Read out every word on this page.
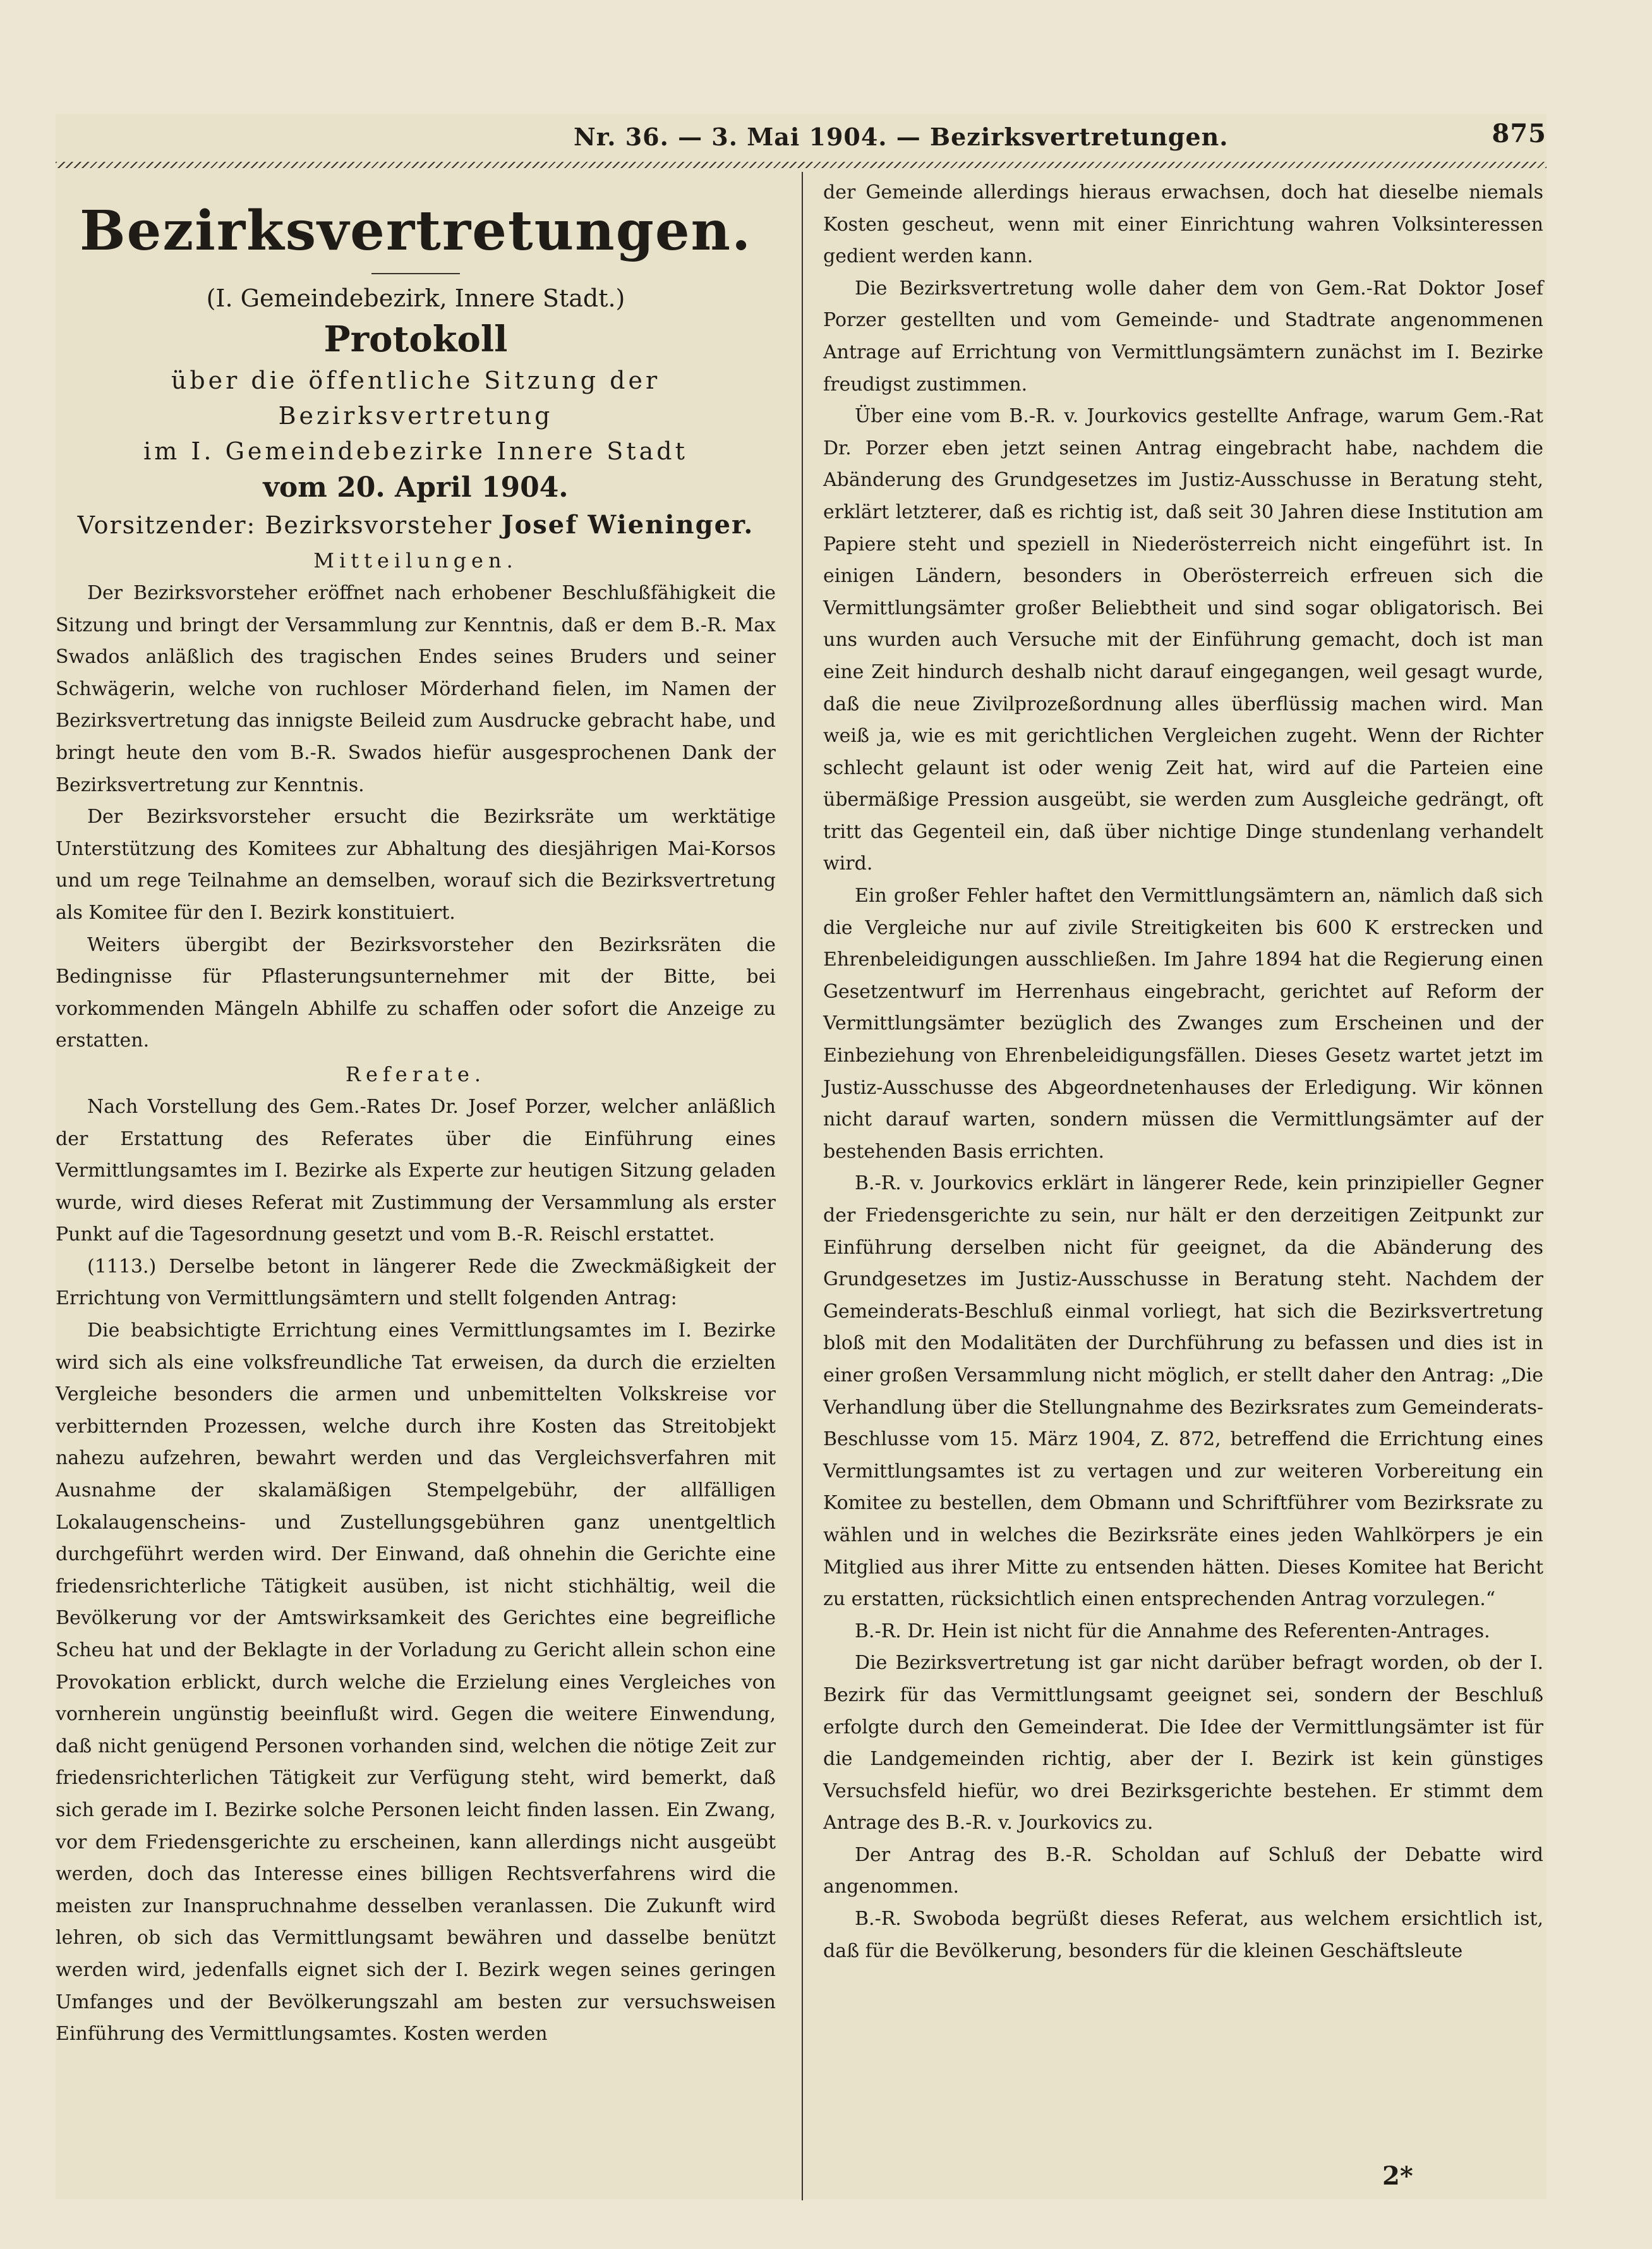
Nr. 36. — 3. Mai 1904. — Bezirksvertretungen.	875
Bezirksvertretungen.
(I. Gemeindebezirk, Innere Stadt.)
Protokoll
über die öffentliche Sitzung der Bezirksvertretung
im I. Gemeindebezirke Innere Stadt
vom 20. April 1904.
Vorsitzender: Bezirksvorsteher Josef Wieninger.
Mitteilungen.

Der Bezirksvorsteher eröffnet nach erhobener Beschlußfähigkeit die Sitzung und bringt der Versammlung zur Kenntnis, daß er dem B.-R. Max Swados anläßlich des tragischen Endes seines Bruders und seiner Schwägerin, welche von ruchloser Mörderhand fielen, im Namen der Bezirksvertretung das innigste Beileid zum Ausdrucke gebracht habe, und bringt heute den vom B.-R. Swados hiefür ausgesprochenen Dank der Bezirksvertretung zur Kenntnis.

Der Bezirksvorsteher ersucht die Bezirksräte um werktätige Unterstützung des Komitees zur Abhaltung des diesjährigen Mai-Korsos und um rege Teilnahme an demselben, worauf sich die Bezirksvertretung als Komitee für den I. Bezirk konstituiert.

Weiters übergibt der Bezirksvorsteher den Bezirksräten die Bedingnisse für Pflasterungsunternehmer mit der Bitte, bei vorkommenden Mängeln Abhilfe zu schaffen oder sofort die Anzeige zu erstatten.

Referate.

Nach Vorstellung des Gem.-Rates Dr. Josef Porzer, welcher anläßlich der Erstattung des Referates über die Einführung eines Vermittlungsamtes im I. Bezirke als Experte zur heutigen Sitzung geladen wurde, wird dieses Referat mit Zustimmung der Versammlung als erster Punkt auf die Tagesordnung gesetzt und vom B.-R. Reischl erstattet.

(1113.) Derselbe betont in längerer Rede die Zweckmäßigkeit der Errichtung von Vermittlungsämtern und stellt folgenden Antrag:

Die beabsichtigte Errichtung eines Vermittlungsamtes im I. Bezirke wird sich als eine volksfreundliche Tat erweisen, da durch die erzielten Vergleiche besonders die armen und unbemittelten Volkskreise vor verbitternden Prozessen, welche durch ihre Kosten das Streitobjekt nahezu aufzehren, bewahrt werden und das Vergleichsverfahren mit Ausnahme der skalamäßigen Stempelgebühr, der allfälligen Lokalaugenscheins- und Zustellungsgebühren ganz unentgeltlich durchgeführt werden wird. Der Einwand, daß ohnehin die Gerichte eine friedensrichterliche Tätigkeit ausüben, ist nicht stichhältig, weil die Bevölkerung vor der Amtswirksamkeit des Gerichtes eine begreifliche Scheu hat und der Beklagte in der Vorladung zu Gericht allein schon eine Provokation erblickt, durch welche die Erzielung eines Vergleiches von vornherein ungünstig beeinflußt wird. Gegen die weitere Einwendung, daß nicht genügend Personen vorhanden sind, welchen die nötige Zeit zur friedensrichterlichen Tätigkeit zur Verfügung steht, wird bemerkt, daß sich gerade im I. Bezirke solche Personen leicht finden lassen. Ein Zwang, vor dem Friedensgerichte zu erscheinen, kann allerdings nicht ausgeübt werden, doch das Interesse eines billigen Rechtsverfahrens wird die meisten zur Inanspruchnahme desselben veranlassen. Die Zukunft wird lehren, ob sich das Vermittlungsamt bewähren und dasselbe benützt werden wird, jedenfalls eignet sich der I. Bezirk wegen seines geringen Umfanges und der Bevölkerungszahl am besten zur versuchsweisen Einführung des Vermittlungsamtes. Kosten werden

der Gemeinde allerdings hieraus erwachsen, doch hat dieselbe niemals Kosten gescheut, wenn mit einer Einrichtung wahren Volksinteressen gedient werden kann.

Die Bezirksvertretung wolle daher dem von Gem.-Rat Doktor Josef Porzer gestellten und vom Gemeinde- und Stadtrate angenommenen Antrage auf Errichtung von Vermittlungsämtern zunächst im I. Bezirke freudigst zustimmen.

Über eine vom B.-R. v. Jourkovics gestellte Anfrage, warum Gem.-Rat Dr. Porzer eben jetzt seinen Antrag eingebracht habe, nachdem die Abänderung des Grundgesetzes im Justiz-Ausschusse in Beratung steht, erklärt letzterer, daß es richtig ist, daß seit 30 Jahren diese Institution am Papiere steht und speziell in Niederösterreich nicht eingeführt ist. In einigen Ländern, besonders in Oberösterreich erfreuen sich die Vermittlungsämter großer Beliebtheit und sind sogar obligatorisch. Bei uns wurden auch Versuche mit der Einführung gemacht, doch ist man eine Zeit hindurch deshalb nicht darauf eingegangen, weil gesagt wurde, daß die neue Zivilprozeßordnung alles überflüssig machen wird. Man weiß ja, wie es mit gerichtlichen Vergleichen zugeht. Wenn der Richter schlecht gelaunt ist oder wenig Zeit hat, wird auf die Parteien eine übermäßige Pression ausgeübt, sie werden zum Ausgleiche gedrängt, oft tritt das Gegenteil ein, daß über nichtige Dinge stundenlang verhandelt wird.

Ein großer Fehler haftet den Vermittlungsämtern an, nämlich daß sich die Vergleiche nur auf zivile Streitigkeiten bis 600 K erstrecken und Ehrenbeleidigungen ausschließen. Im Jahre 1894 hat die Regierung einen Gesetzentwurf im Herrenhaus eingebracht, gerichtet auf Reform der Vermittlungsämter bezüglich des Zwanges zum Erscheinen und der Einbeziehung von Ehrenbeleidigungsfällen. Dieses Gesetz wartet jetzt im Justiz-Ausschusse des Abgeordnetenhauses der Erledigung. Wir können nicht darauf warten, sondern müssen die Vermittlungsämter auf der bestehenden Basis errichten.

B.-R. v. Jourkovics erklärt in längerer Rede, kein prinzipieller Gegner der Friedensgerichte zu sein, nur hält er den derzeitigen Zeitpunkt zur Einführung derselben nicht für geeignet, da die Abänderung des Grundgesetzes im Justiz-Ausschusse in Beratung steht. Nachdem der Gemeinderats-Beschluß einmal vorliegt, hat sich die Bezirksvertretung bloß mit den Modalitäten der Durchführung zu befassen und dies ist in einer großen Versammlung nicht möglich, er stellt daher den Antrag: „Die Verhandlung über die Stellungnahme des Bezirksrates zum Gemeinderats-Beschlusse vom 15. März 1904, Z. 872, betreffend die Errichtung eines Vermittlungsamtes ist zu vertagen und zur weiteren Vorbereitung ein Komitee zu bestellen, dem Obmann und Schriftführer vom Bezirksrate zu wählen und in welches die Bezirksräte eines jeden Wahlkörpers je ein Mitglied aus ihrer Mitte zu entsenden hätten. Dieses Komitee hat Bericht zu erstatten, rücksichtlich einen entsprechenden Antrag vorzulegen.“

B.-R. Dr. Hein ist nicht für die Annahme des Referenten-Antrages.

Die Bezirksvertretung ist gar nicht darüber befragt worden, ob der I. Bezirk für das Vermittlungsamt geeignet sei, sondern der Beschluß erfolgte durch den Gemeinderat. Die Idee der Vermittlungsämter ist für die Landgemeinden richtig, aber der I. Bezirk ist kein günstiges Versuchsfeld hiefür, wo drei Bezirksgerichte bestehen. Er stimmt dem Antrage des B.-R. v. Jourkovics zu.

Der Antrag des B.-R. Scholdan auf Schluß der Debatte wird angenommen.

B.-R. Swoboda begrüßt dieses Referat, aus welchem ersichtlich ist, daß für die Bevölkerung, besonders für die kleinen Geschäftsleute

2*
